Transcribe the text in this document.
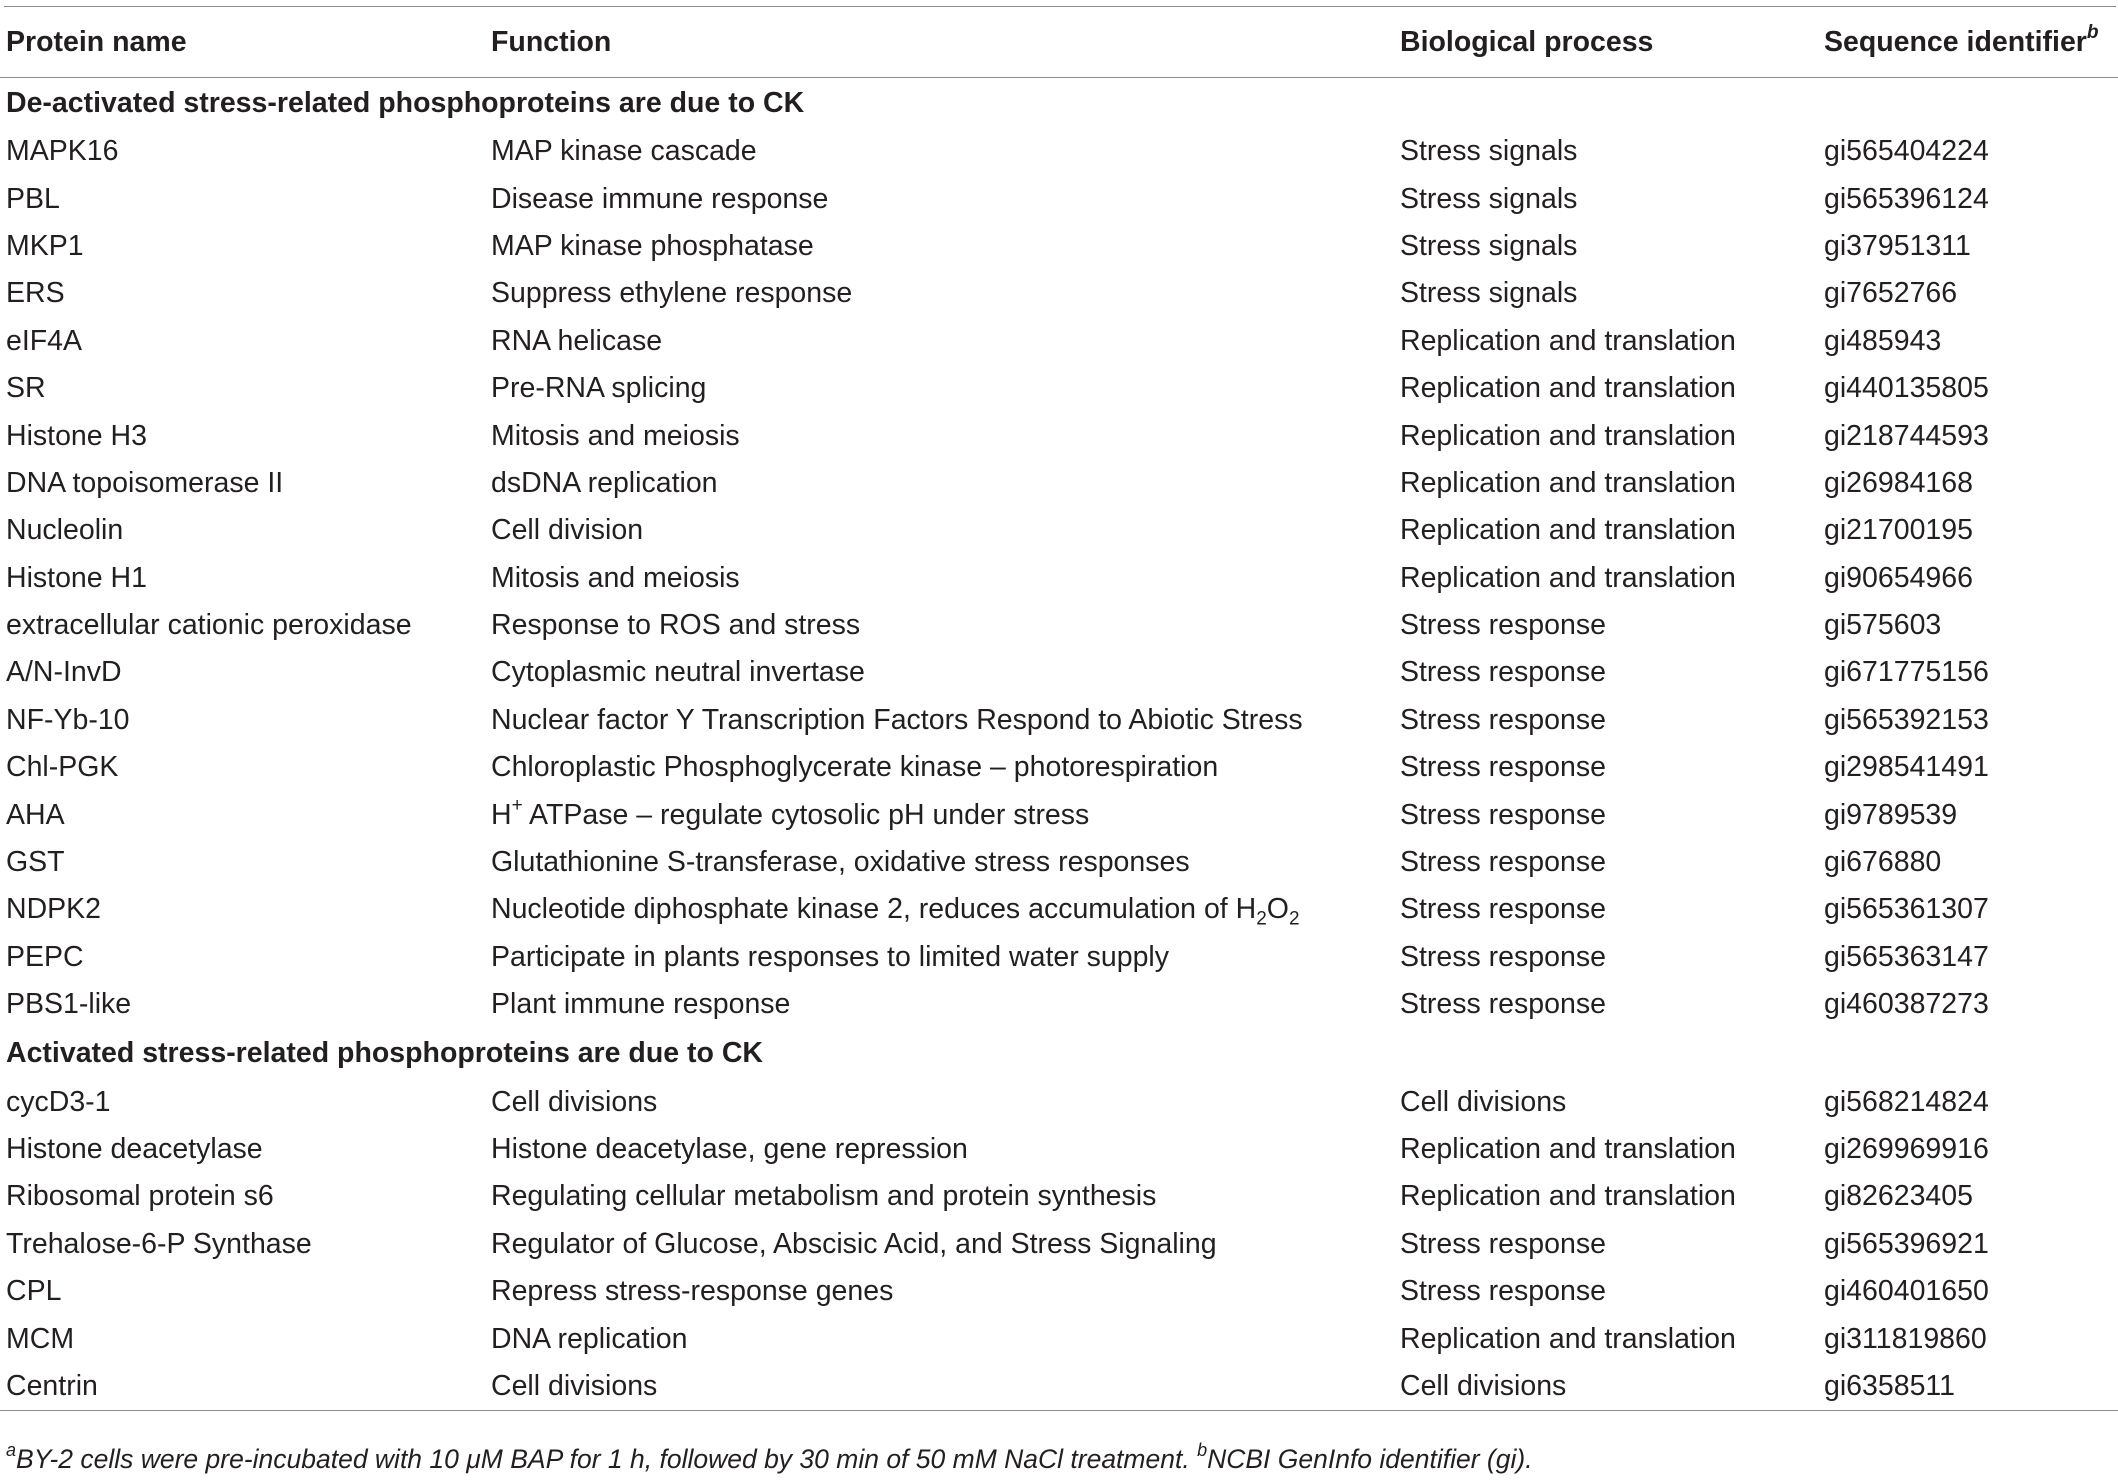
Protein name	Function	Biological process	Sequence identifier$^b$
De-activated stress-related phosphoproteins are due to CK			
MAPK16	MAP kinase cascade	Stress signals	gi565404224
PBL	Disease immune response	Stress signals	gi565396124
MKP1	MAP kinase phosphatase	Stress signals	gi37951311
ERS	Suppress ethylene response	Stress signals	gi7652766
eIF4A	RNA helicase	Replication and translation	gi485943
SR	Pre-RNA splicing	Replication and translation	gi440135805
Histone H3	Mitosis and meiosis	Replication and translation	gi218744593
DNA topoisomerase II	dsDNA replication	Replication and translation	gi26984168
Nucleolin	Cell division	Replication and translation	gi21700195
Histone H1	Mitosis and meiosis	Replication and translation	gi90654966
extracellular cationic peroxidase	Response to ROS and stress	Stress response	gi575603
A/N-InvD	Cytoplasmic neutral invertase	Stress response	gi671775156
NF-Yb-10	Nuclear factor Y Transcription Factors Respond to Abiotic Stress	Stress response	gi565392153
Chl-PGK	Chloroplastic Phosphoglycerate kinase – photorespiration	Stress response	gi298541491
AHA	H+ ATPase – regulate cytosolic pH under stress	Stress response	gi9789539
GST	Glutathionine S-transferase, oxidative stress responses	Stress response	gi676880
NDPK2	Nucleotide diphosphate kinase 2, reduces accumulation of $H_2O_2$	Stress response	gi565361307
PEPC	Participate in plants responses to limited water supply	Stress response	gi565363147
PBS1-like	Plant immune response	Stress response	gi460387273
Activated stress-related phosphoproteins are due to CK			
cycD3-1	Cell divisions	Cell divisions	gi568214824
Histone deacetylase	Histone deacetylase, gene repression	Replication and translation	gi269969916
Ribosomal protein s6	Regulating cellular metabolism and protein synthesis	Replication and translation	gi82623405
Trehalose-6-P Synthase	Regulator of Glucose, Abscisic Acid, and Stress Signaling	Stress response	gi565396921
CPL	Repress stress-response genes	Stress response	gi460401650
MCM	DNA replication	Replication and translation	gi311819860
Centrin	Cell divisions	Cell divisions	gi6358511
$^a$BY-2 cells were pre-incubated with 10 μM BAP for 1 h, followed by 30 min of 50 mM NaCl treatment. $^b$NCBI GenInfo identifier (gi).
